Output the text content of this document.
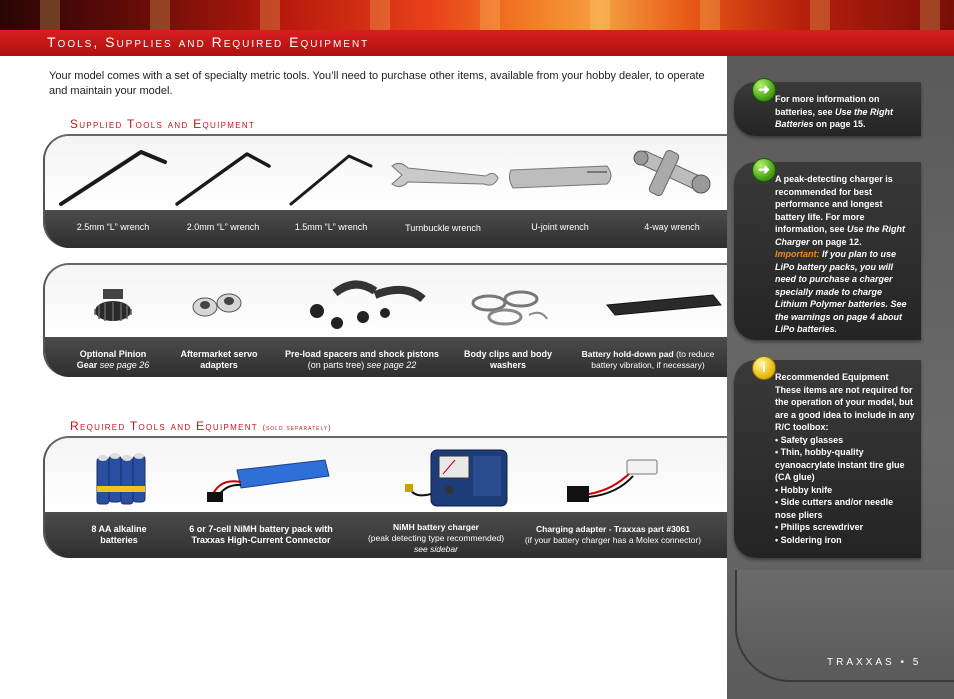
Tools, Supplies and Required Equipment

Your model comes with a set of specialty metric tools. You’ll need to purchase other items, available from your hobby dealer, to operate and maintain your model.

Supplied Tools and Equipment
2.5mm “L” wrench	2.0mm “L” wrench	1.5mm “L” wrench	Turnbuckle wrench	U-joint wrench	4-way wrench
Optional Pinion Gear see page 26
Aftermarket servo adapters
Pre-load spacers and shock pistons
(on parts tree) see page 22
Body clips and body washers
Battery hold-down pad (to reduce battery vibration, if necessary)
Required Tools and Equipment (sold separately)
8 AA alkaline batteries
6 or 7-cell NiMH battery pack with Traxxas High-Current Connector
NiMH battery charger
(peak detecting type recommended)
see sidebar
Charging adapter - Traxxas part #3061
(if your battery charger has a Molex connector)
➜
For more information on batteries, see Use the Right Batteries on page 15.
➜
A peak-detecting charger is recommended for best performance and longest battery life. For more information, see Use the Right Charger on page 12.
Important: If you plan to use LiPo battery packs, you will need to purchase a charger specially made to charge Lithium Polymer batteries. See the warnings on page 4 about LiPo batteries.
i
Recommended Equipment
These items are not required for the operation of your model, but are a good idea to include in any R/C toolbox:
• Safety glasses
• Thin, hobby-quality cyanoacrylate instant tire glue (CA glue)
• Hobby knife
• Side cutters and/or needle nose pliers
• Philips screwdriver
• Soldering iron
TRAXXAS • 5
